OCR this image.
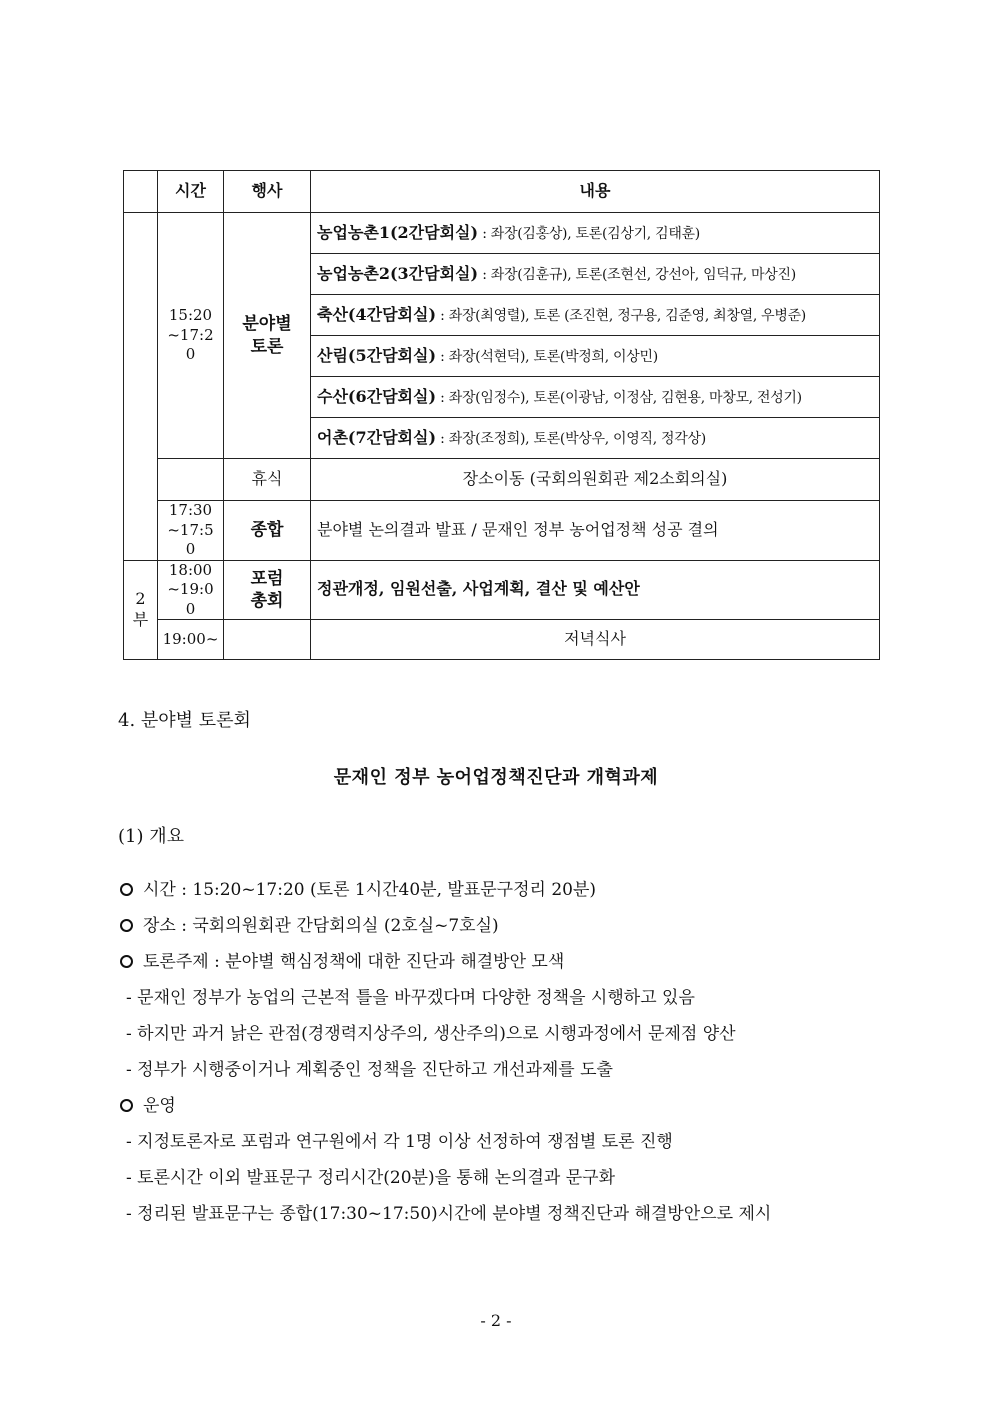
	시간	행사	내용
	15:20~17:20	분야별 토론	농업농촌1(2간담회실) : 좌장(김홍상), 토론(김상기, 김태훈)
			농업농촌2(3간담회실) : 좌장(김훈규), 토론(조현선, 강선아, 임덕규, 마상진)
			축산(4간담회실) : 좌장(최영렬), 토론 (조진현, 정구용, 김준영, 최창열, 우병준)
			산림(5간담회실) : 좌장(석현덕), 토론(박정희, 이상민)
			수산(6간담회실) : 좌장(임정수), 토론(이광남, 이정삼, 김현용, 마창모, 전성기)
			어촌(7간담회실) : 좌장(조정희), 토론(박상우, 이영직, 정각상)
		휴식	장소이동 (국회의원회관 제2소회의실)
	17:30~17:50	종합	분야별 논의결과 발표 / 문재인 정부 농어업정책 성공 결의
2부	18:00~19:00	포럼 총회	정관개정, 임원선출, 사업계획, 결산 및 예산안
	19:00~		저녁식사
4. 분야별 토론회
문재인 정부 농어업정책진단과 개혁과제
(1) 개요
시간 : 15:20~17:20 (토론 1시간40분, 발표문구정리 20분)
장소 : 국회의원회관 간담회의실 (2호실~7호실)
토론주제 : 분야별 핵심정책에 대한 진단과 해결방안 모색
- 문재인 정부가 농업의 근본적 틀을 바꾸겠다며 다양한 정책을 시행하고 있음
- 하지만 과거 낡은 관점(경쟁력지상주의, 생산주의)으로 시행과정에서 문제점 양산
- 정부가 시행중이거나 계획중인 정책을 진단하고 개선과제를 도출
운영
- 지정토론자로 포럼과 연구원에서 각 1명 이상 선정하여 쟁점별 토론 진행
- 토론시간 이외 발표문구 정리시간(20분)을 통해 논의결과 문구화
- 정리된 발표문구는 종합(17:30~17:50)시간에 분야별 정책진단과 해결방안으로 제시
- 2 -
